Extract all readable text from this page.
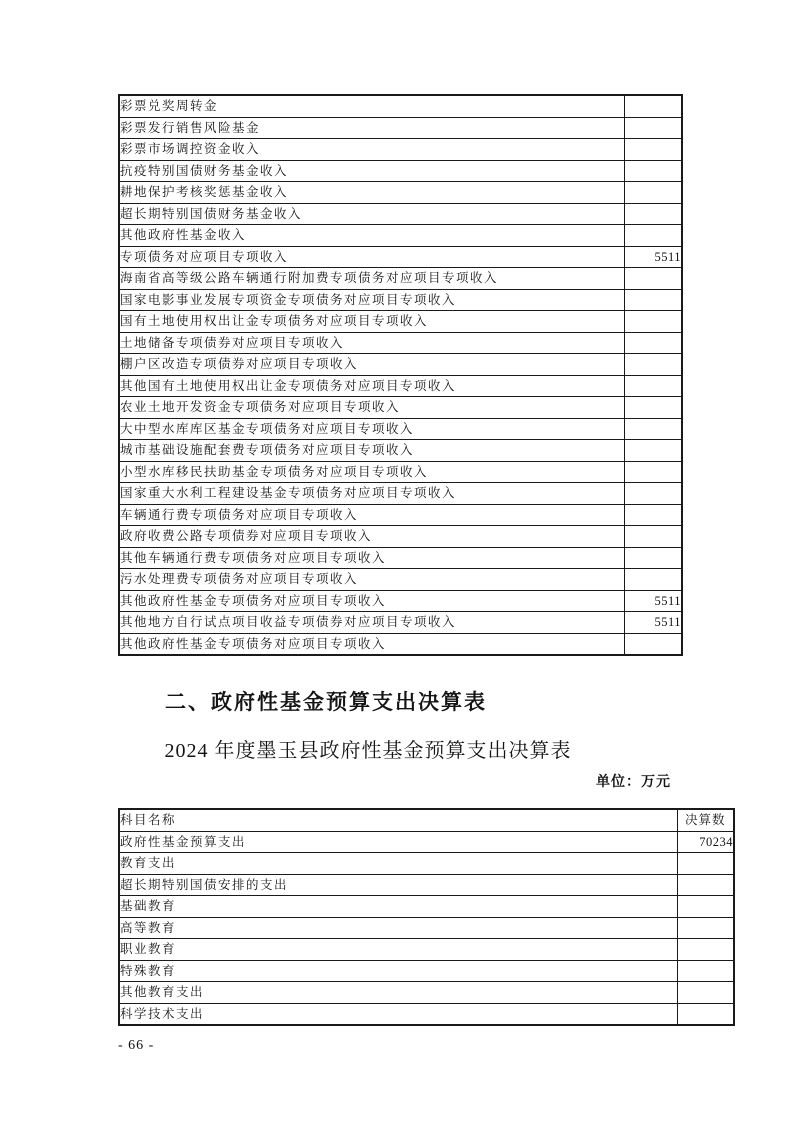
彩票兑奖周转金	
彩票发行销售风险基金	
彩票市场调控资金收入	
抗疫特别国债财务基金收入	
耕地保护考核奖惩基金收入	
超长期特别国债财务基金收入	
其他政府性基金收入	
专项债务对应项目专项收入	5511
海南省高等级公路车辆通行附加费专项债务对应项目专项收入	
国家电影事业发展专项资金专项债务对应项目专项收入	
国有土地使用权出让金专项债务对应项目专项收入	
土地储备专项债券对应项目专项收入	
棚户区改造专项债券对应项目专项收入	
其他国有土地使用权出让金专项债务对应项目专项收入	
农业土地开发资金专项债务对应项目专项收入	
大中型水库库区基金专项债务对应项目专项收入	
城市基础设施配套费专项债务对应项目专项收入	
小型水库移民扶助基金专项债务对应项目专项收入	
国家重大水利工程建设基金专项债务对应项目专项收入	
车辆通行费专项债务对应项目专项收入	
政府收费公路专项债券对应项目专项收入	
其他车辆通行费专项债务对应项目专项收入	
污水处理费专项债务对应项目专项收入	
其他政府性基金专项债务对应项目专项收入	5511
其他地方自行试点项目收益专项债券对应项目专项收入	5511
其他政府性基金专项债务对应项目专项收入	
二、政府性基金预算支出决算表
2024 年度墨玉县政府性基金预算支出决算表
单位：万元
科目名称	决算数
政府性基金预算支出	70234
教育支出	
超长期特别国债安排的支出	
基础教育	
高等教育	
职业教育	
特殊教育	
其他教育支出	
科学技术支出	
- 66 -
